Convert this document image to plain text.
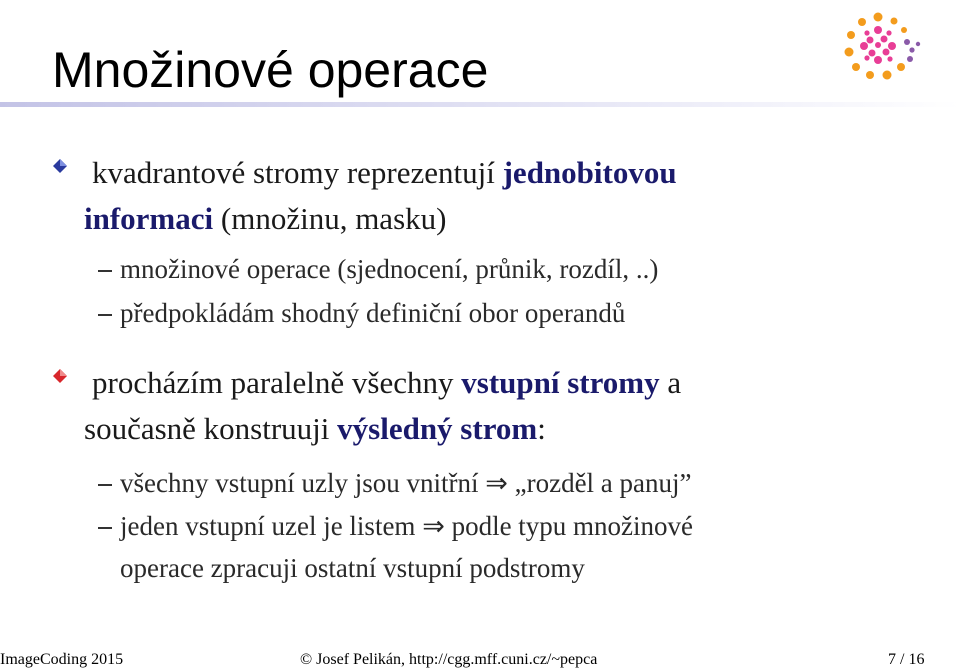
Množinové operace

kvadrantové stromy reprezentují jednobitovou
informaci (množinu, masku)

množinové operace (sjednocení, průnik, rozdíl, ..)

předpokládám shodný definiční obor operandů

procházím paralelně všechny vstupní stromy a
současně konstruuji výsledný strom:

všechny vstupní uzly jsou vnitřní ⇒ „rozděl a panuj”

jeden vstupní uzel je listem ⇒ podle typu množinové
operace zpracuji ostatní vstupní podstromy

ImageCoding 2015	© Josef Pelikán, http://cgg.mff.cuni.cz/~pepca	7 / 16
